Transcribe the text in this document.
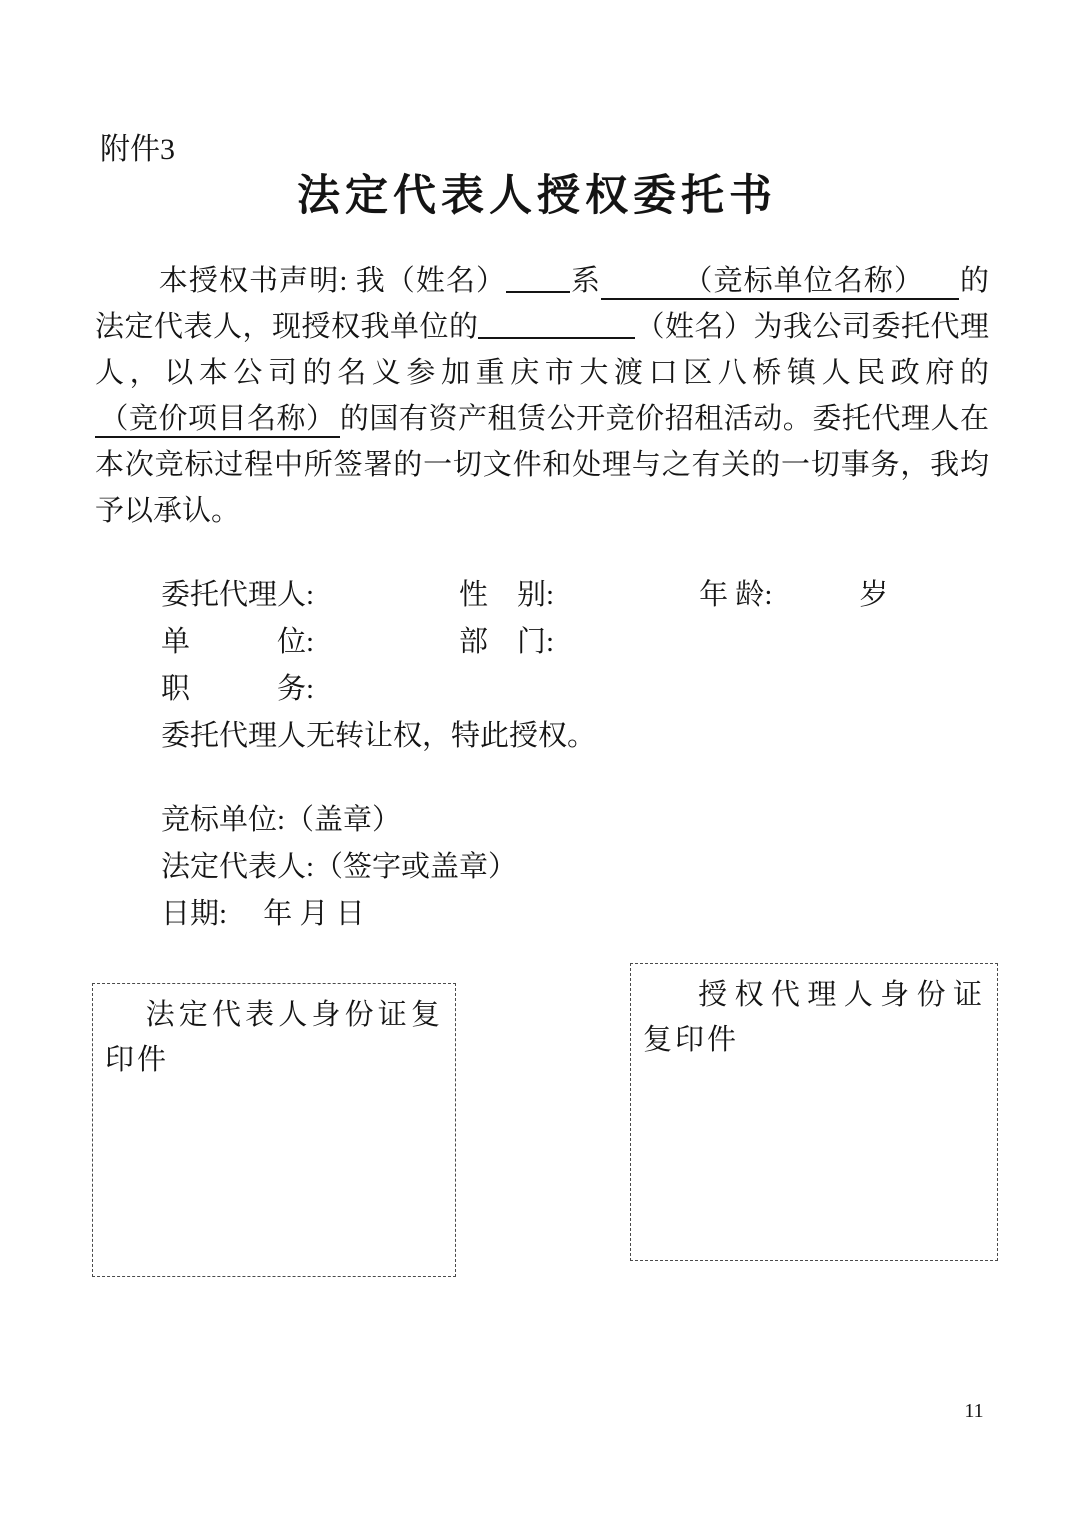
附件3
法定代表人授权委托书
本授权书声明: 我（姓名） 系	（竞标单位名称） 的
法定代表人，现授权我单位的	（姓名）为我公司委托代理
人，以本公司的名义参加重庆市大渡口区八桥镇人民政府的
（竞价项目名称） 的国有资产租赁公开竞价招租活动。委托代理人在
本次竞标过程中所签署的一切文件和处理与之有关的一切事务，我均
予以承认。
委托代理人:　　　　　性　别:　　　　　年 龄:　　　岁
单　　　位:　　　　　部　门:
职　　　务:
委托代理人无转让权，特此授权。
竞标单位:（盖章）
法定代表人:（签字或盖章）
日期:　 年 月 日

法定代表人身份证复印件

授权代理人身份证复印件

11
